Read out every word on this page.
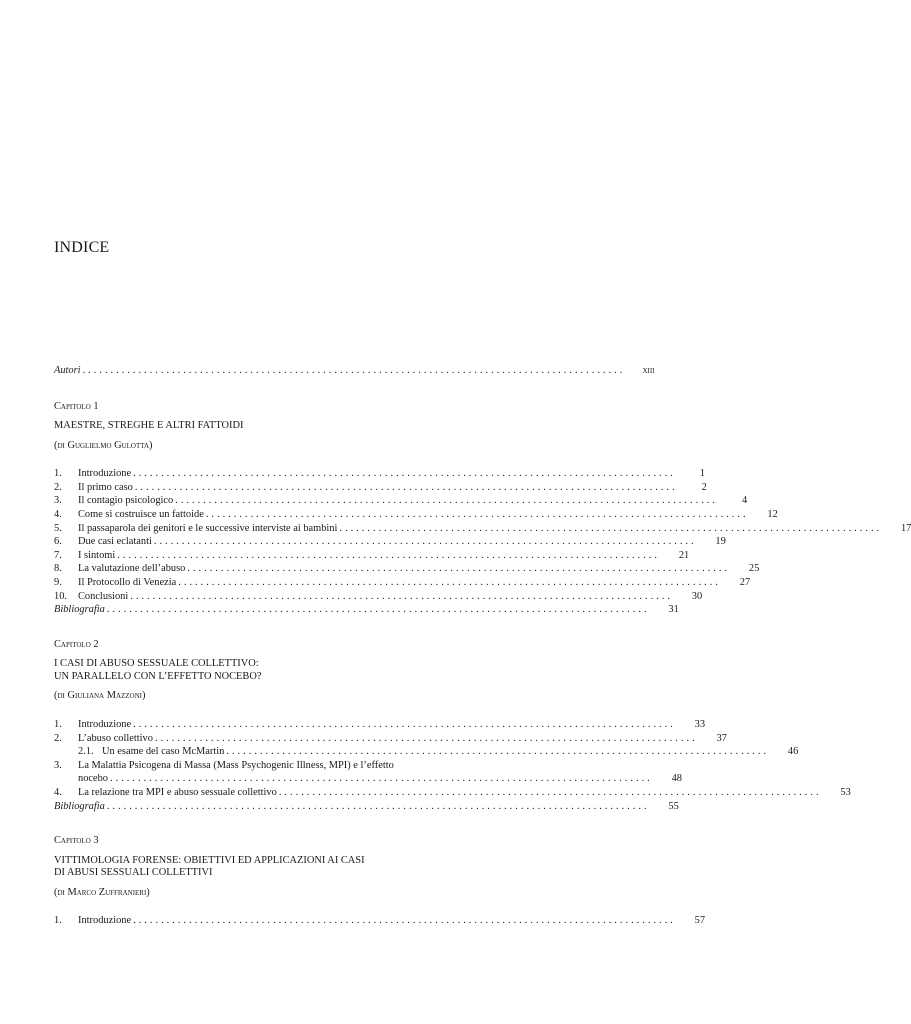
INDICE
Autori . . .	xiii
Capitolo 1
MAESTRE, STREGHE E ALTRI FATTOIDI
(di Guglielmo Gulotta)
1.	Introduzione . . .	1
2.	Il primo caso . . .	2
3.	Il contagio psicologico . . .	4
4.	Come si costruisce un fattoide . . .	12
5.	Il passaparola dei genitori e le successive interviste ai bambini . . .	17
6.	Due casi eclatanti . . .	19
7.	I sintomi . . .	21
8.	La valutazione dell’abuso . . .	25
9.	Il Protocollo di Venezia . . .	27
10.	Conclusioni . . .	30
Bibliografia . . .	31
Capitolo 2
I CASI DI ABUSO SESSUALE COLLETTIVO:
UN PARALLELO CON L’EFFETTO NOCEBO?
(di Giuliana Mazzoni)
1.	Introduzione . . .	33
2.	L’abuso collettivo . . .	37
2.1. Un esame del caso McMartin . . .	46
3.	La Malattia Psicogena di Massa (Mass Psychogenic Illness, MPI) e l’effetto
nocebo . . .	48
4.	La relazione tra MPI e abuso sessuale collettivo . . .	53
Bibliografia . . .	55
Capitolo 3
VITTIMOLOGIA FORENSE: OBIETTIVI ED APPLICAZIONI AI CASI
DI ABUSI SESSUALI COLLETTIVI
(di Marco Zuffranieri)
1.	Introduzione . . .	57
